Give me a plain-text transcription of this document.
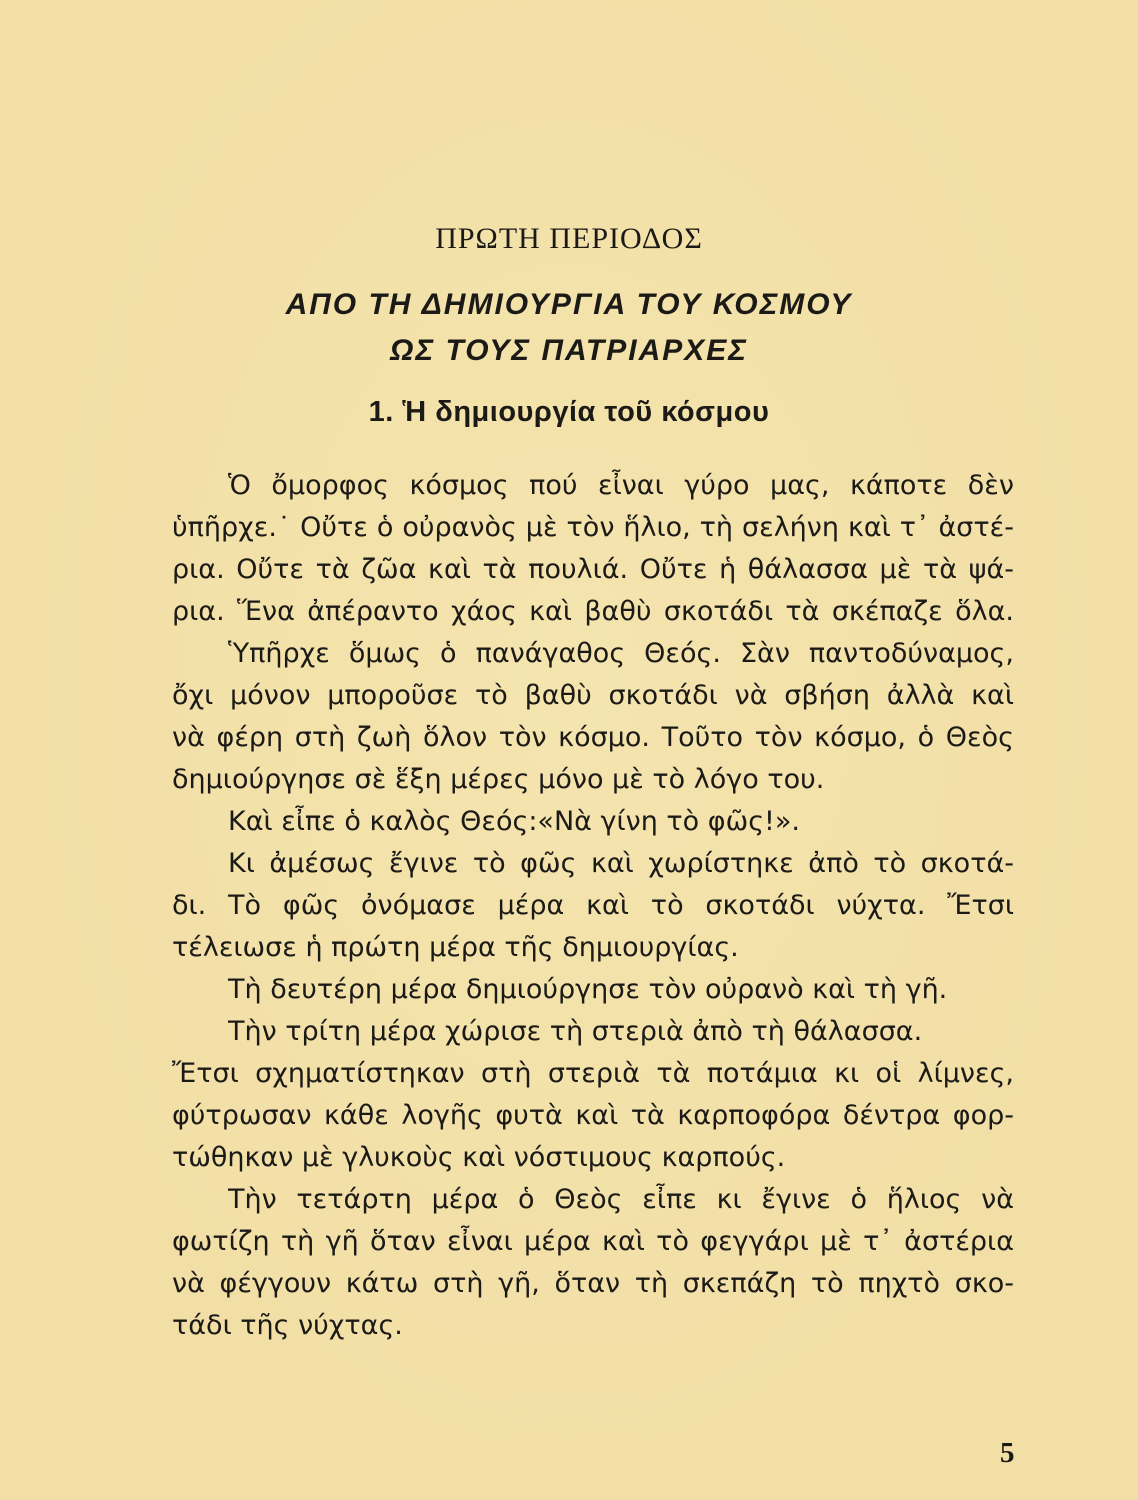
ΠΡΩΤΗ ΠΕΡΙΟΔΟΣ
ΑΠΟ ΤΗ ΔΗΜΙΟΥΡΓΙΑ ΤΟΥ ΚΟΣΜΟΥ
ΩΣ ΤΟΥΣ ΠΑΤΡΙΑΡΧΕΣ
1. Ἡ δημιουργία τοῦ κόσμου
Ὁ ὄμορφος κόσμος πού εἶναι γύρο μας, κάποτε δὲν
ὑπῆρχε.˙ Οὔτε ὁ οὐρανὸς μὲ τὸν ἥλιο, τὴ σελήνη καὶ τ᾿ ἀστέ-
ρια. Οὔτε τὰ ζῶα καὶ τὰ πουλιά. Οὔτε ἡ θάλασσα μὲ τὰ ψά-
ρια. Ἕνα ἀπέραντο χάος καὶ βαθὺ σκοτάδι τὰ σκέπαζε ὅλα.
Ὑπῆρχε ὅμως ὁ πανάγαθος Θεός. Σὰν παντοδύναμος,
ὄχι μόνον μποροῦσε τὸ βαθὺ σκοτάδι νὰ σβήση ἀλλὰ καὶ
νὰ φέρη στὴ ζωὴ ὅλον τὸν κόσμο. Τοῦτο τὸν κόσμο, ὁ Θεὸς
δημιούργησε σὲ ἕξη μέρες μόνο μὲ τὸ λόγο του.
Καὶ εἶπε ὁ καλὸς Θεός:«Νὰ γίνη τὸ φῶς!».
Κι ἀμέσως ἔγινε τὸ φῶς καὶ χωρίστηκε ἀπὸ τὸ σκοτά-
δι. Τὸ φῶς ὀνόμασε μέρα καὶ τὸ σκοτάδι νύχτα. Ἔτσι
τέλειωσε ἡ πρώτη μέρα τῆς δημιουργίας.
Τὴ δευτέρη μέρα δημιούργησε τὸν οὐρανὸ καὶ τὴ γῆ.
Τὴν τρίτη μέρα χώρισε τὴ στεριὰ ἀπὸ τὴ θάλασσα.
Ἔτσι σχηματίστηκαν στὴ στεριὰ τὰ ποτάμια κι οἱ λίμνες,
φύτρωσαν κάθε λογῆς φυτὰ καὶ τὰ καρποφόρα δέντρα φορ-
τώθηκαν μὲ γλυκοὺς καὶ νόστιμους καρπούς.
Τὴν τετάρτη μέρα ὁ Θεὸς εἶπε κι ἔγινε ὁ ἥλιος νὰ
φωτίζη τὴ γῆ ὅταν εἶναι μέρα καὶ τὸ φεγγάρι μὲ τ᾿ ἀστέρια
νὰ φέγγουν κάτω στὴ γῆ, ὅταν τὴ σκεπάζη τὸ πηχτὸ σκο-
τάδι τῆς νύχτας.
5
